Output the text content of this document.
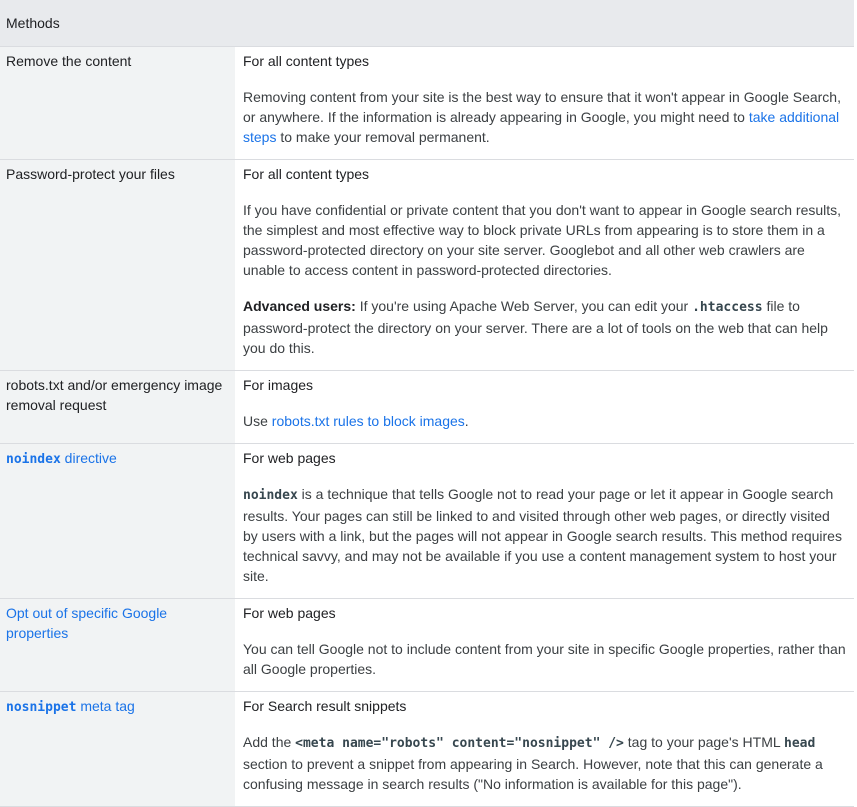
Methods	
Remove the content	For all content types

Removing content from your site is the best way to ensure that it won't appear in Google Search, or anywhere. If the information is already appearing in Google, you might need to take additional steps to make your removal permanent.

Password-protect your files	For all content types

If you have confidential or private content that you don't want to appear in Google search results, the simplest and most effective way to block private URLs from appearing is to store them in a password-protected directory on your site server. Googlebot and all other web crawlers are unable to access content in password-protected directories.

Advanced users: If you're using Apache Web Server, you can edit your .htaccess file to password-protect the directory on your server. There are a lot of tools on the web that can help you do this.

robots.txt and/or emergency image removal request	For images

Use robots.txt rules to block images.

noindex directive	For web pages

noindex is a technique that tells Google not to read your page or let it appear in Google search results. Your pages can still be linked to and visited through other web pages, or directly visited by users with a link, but the pages will not appear in Google search results. This method requires technical savvy, and may not be available if you use a content management system to host your site.

Opt out of specific Google properties	For web pages

You can tell Google not to include content from your site in specific Google properties, rather than all Google properties.

nosnippet meta tag	For Search result snippets

Add the <meta name="robots" content="nosnippet" /> tag to your page's HTML head section to prevent a snippet from appearing in Search. However, note that this can generate a confusing message in search results ("No information is available for this page").
